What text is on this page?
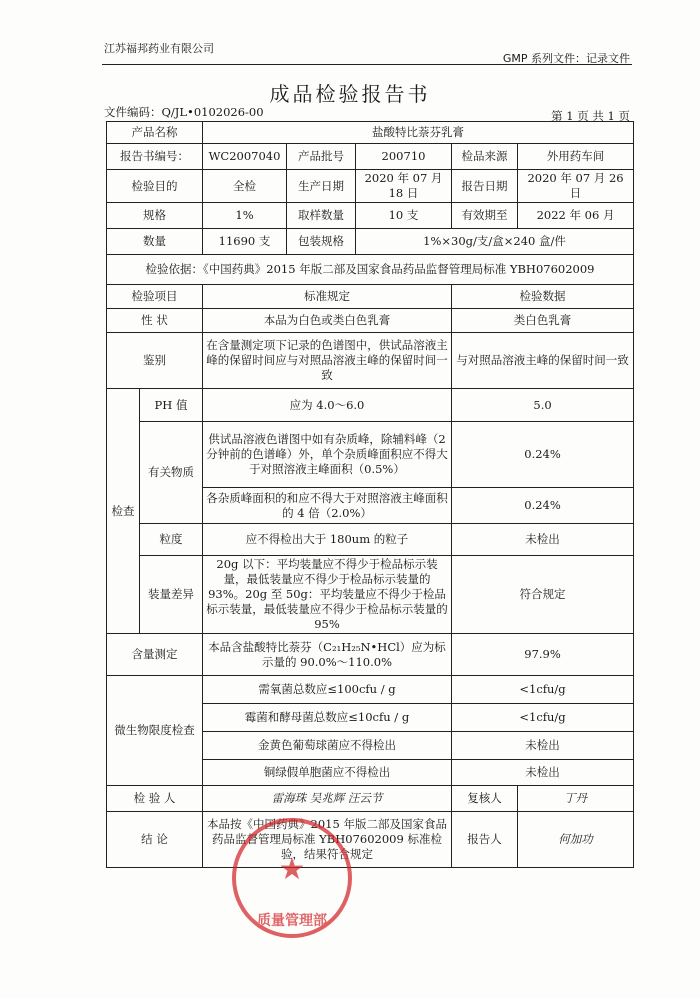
江苏福邦药业有限公司
GMP 系列文件：记录文件
成品检验报告书
文件编码：Q/JL•0102026-00	第 1 页 共 1 页
产品名称		盐酸特比萘芬乳膏				
报告书编号：		WC2007040	产品批号	200710	检品来源	外用药车间
检验目的		全检	生产日期	2020 年 07 月 18 日	报告日期	2020 年 07 月 26 日
规格		1%	取样数量	10 支	有效期至	2022 年 06 月
数量		11690 支	包装规格	1%×30g/支/盒×240 盒/件		
检验依据：《中国药典》2015 年版二部及国家食品药品监督管理局标准 YBH07602009						
检验项目		标准规定			检验数据	
性 状		本品为白色或类白色乳膏			类白色乳膏	
鉴别		在含量测定项下记录的色谱图中，供试品溶液主峰的保留时间应与对照品溶液主峰的保留时间一致			与对照品溶液主峰的保留时间一致	
检查	PH 值	应为 4.0～6.0			5.0	
	有关物质	供试品溶液色谱图中如有杂质峰，除辅料峰（2 分钟前的色谱峰）外，单个杂质峰面积应不得大于对照溶液主峰面积（0.5%）			0.24%	
		各杂质峰面积的和应不得大于对照溶液主峰面积的 4 倍（2.0%）			0.24%	
	粒度	应不得检出大于 180um 的粒子			未检出	
	装量差异	20g 以下：平均装量应不得少于检品标示装量，最低装量应不得少于检品标示装量的 93%。20g 至 50g：平均装量应不得少于检品标示装量，最低装量应不得少于检品标示装量的 95%			符合规定	

含量测定		本品含盐酸特比萘芬（C₂₁H₂₅N•HCl）应为标示量的 90.0%～110.0%			97.9%	
微生物限度检查		需氧菌总数应≤100cfu / g			<1cfu/g	
		霉菌和酵母菌总数应≤10cfu / g			<1cfu/g	
		金黄色葡萄球菌应不得检出			未检出	
		铜绿假单胞菌应不得检出			未检出	
检 验 人		雷海珠 吴兆辉 汪云节			复核人	丁丹
结 论		本品按《中国药典》2015 年版二部及国家食品药品监督管理局标准 YBH07602009 标准检验，结果符合规定			报告人	何加功
★
质量管理部
